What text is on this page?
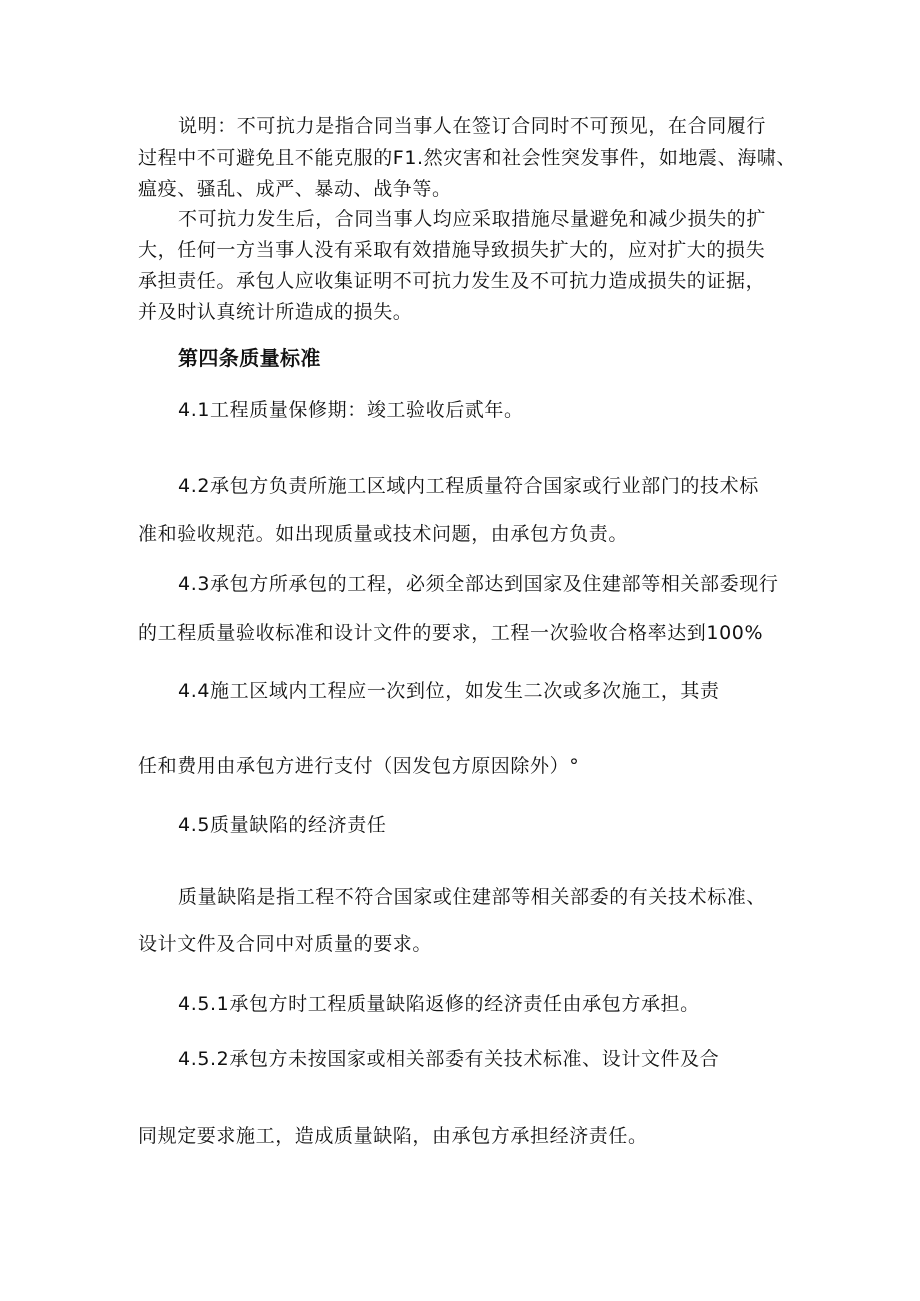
说明：不可抗力是指合同当事人在签订合同时不可预见，在合同履行
过程中不可避免且不能克服的F1.然灾害和社会性突发事件，如地震、海啸、
瘟疫、骚乱、成严、暴动、战争等。
不可抗力发生后，合同当事人均应采取措施尽量避免和减少损失的扩
大，任何一方当事人没有采取有效措施导致损失扩大的，应对扩大的损失
承担责任。承包人应收集证明不可抗力发生及不可抗力造成损失的证据，
并及时认真统计所造成的损失。
第四条质量标准
4.1工程质量保修期：竣工验收后贰年。
4.2承包方负责所施工区域内工程质量符合国家或行业部门的技术标
准和验收规范。如出现质量或技术问题，由承包方负责。
4.3承包方所承包的工程，必须全部达到国家及住建部等相关部委现行
的工程质量验收标准和设计文件的要求，工程一次验收合格率达到100%
4.4施工区域内工程应一次到位，如发生二次或多次施工，其责
任和费用由承包方进行支付（因发包方原因除外）°
4.5质量缺陷的经济责任
质量缺陷是指工程不符合国家或住建部等相关部委的有关技术标准、
设计文件及合同中对质量的要求。
4.5.1承包方时工程质量缺陷返修的经济责任由承包方承担。
4.5.2承包方未按国家或相关部委有关技术标准、设计文件及合
同规定要求施工，造成质量缺陷，由承包方承担经济责任。
